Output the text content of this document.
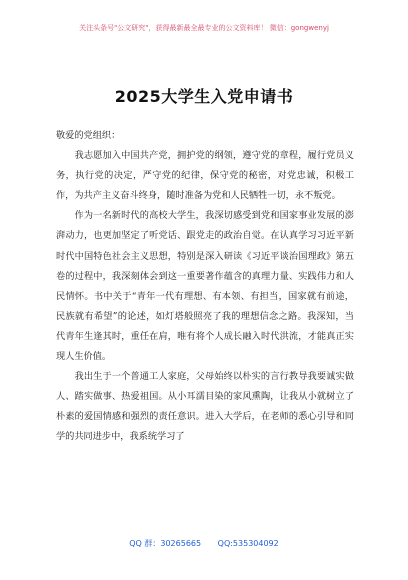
关注头条号"公文研究"，获得最新最全最专业的公文资料库！ 微信：gongwenyj
2025大学生入党申请书

敬爱的党组织：

我志愿加入中国共产党，拥护党的纲领，遵守党的章程，履行党员义务，执行党的决定，严守党的纪律，保守党的秘密，对党忠诚，积极工作，为共产主义奋斗终身，随时准备为党和人民牺牲一切，永不叛党。

作为一名新时代的高校大学生，我深切感受到党和国家事业发展的澎湃动力，也更加坚定了听党话、跟党走的政治自觉。在认真学习习近平新时代中国特色社会主义思想，特别是深入研读《习近平谈治国理政》第五卷的过程中，我深刻体会到这一重要著作蕴含的真理力量、实践伟力和人民情怀。书中关于“青年一代有理想、有本领、有担当，国家就有前途，民族就有希望”的论述，如灯塔般照亮了我的理想信念之路。我深知，当代青年生逢其时，重任在肩，唯有将个人成长融入时代洪流，才能真正实现人生价值。

我出生于一个普通工人家庭，父母始终以朴实的言行教导我要诚实做人、踏实做事、热爱祖国。从小耳濡目染的家风熏陶，让我从小就树立了朴素的爱国情感和强烈的责任意识。进入大学后，在老师的悉心引导和同学的共同进步中，我系统学习了

QQ 群：30265665 QQ:535304092
